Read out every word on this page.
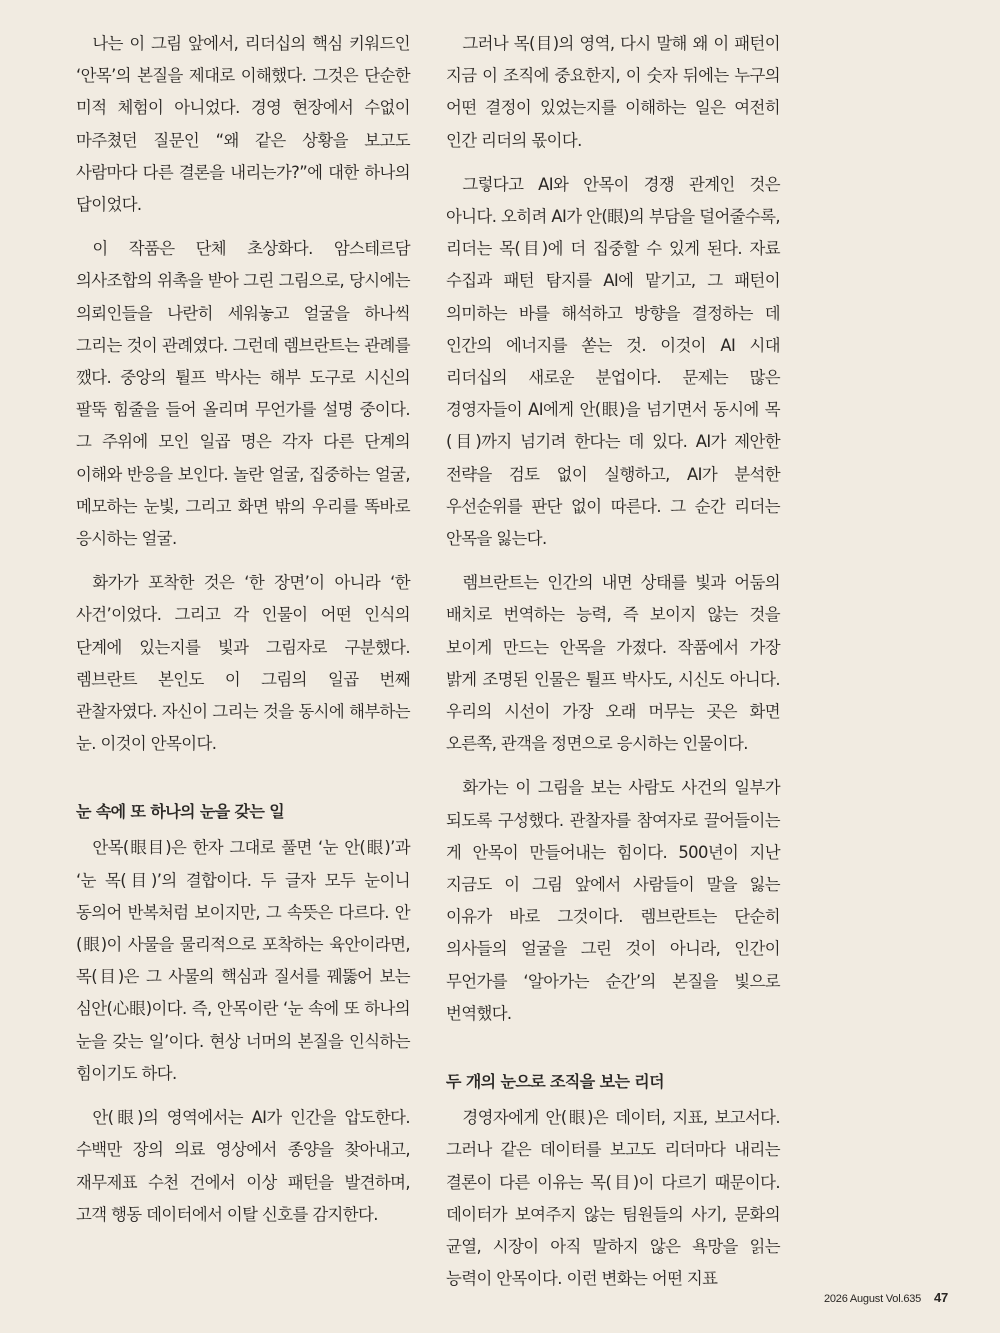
나는 이 그림 앞에서, 리더십의 핵심 키워드인 ‘안목’의 본질을 제대로 이해했다. 그것은 단순한 미적 체험이 아니었다. 경영 현장에서 수없이 마주쳤던 질문인 “왜 같은 상황을 보고도 사람마다 다른 결론을 내리는가?”에 대한 하나의 답이었다.

이 작품은 단체 초상화다. 암스테르담 의사조합의 위촉을 받아 그린 그림으로, 당시에는 의뢰인들을 나란히 세워놓고 얼굴을 하나씩 그리는 것이 관례였다. 그런데 렘브란트는 관례를 깼다. 중앙의 튈프 박사는 해부 도구로 시신의 팔뚝 힘줄을 들어 올리며 무언가를 설명 중이다. 그 주위에 모인 일곱 명은 각자 다른 단계의 이해와 반응을 보인다. 놀란 얼굴, 집중하는 얼굴, 메모하는 눈빛, 그리고 화면 밖의 우리를 똑바로 응시하는 얼굴.

화가가 포착한 것은 ‘한 장면’이 아니라 ‘한 사건’이었다. 그리고 각 인물이 어떤 인식의 단계에 있는지를 빛과 그림자로 구분했다. 렘브란트 본인도 이 그림의 일곱 번째 관찰자였다. 자신이 그리는 것을 동시에 해부하는 눈. 이것이 안목이다.

눈 속에 또 하나의 눈을 갖는 일

안목(眼目)은 한자 그대로 풀면 ‘눈 안(眼)’과 ‘눈 목(目)’의 결합이다. 두 글자 모두 눈이니 동의어 반복처럼 보이지만, 그 속뜻은 다르다. 안(眼)이 사물을 물리적으로 포착하는 육안이라면, 목(目)은 그 사물의 핵심과 질서를 꿰뚫어 보는 심안(心眼)이다. 즉, 안목이란 ‘눈 속에 또 하나의 눈을 갖는 일’이다. 현상 너머의 본질을 인식하는 힘이기도 하다.

안(眼)의 영역에서는 AI가 인간을 압도한다. 수백만 장의 의료 영상에서 종양을 찾아내고, 재무제표 수천 건에서 이상 패턴을 발견하며, 고객 행동 데이터에서 이탈 신호를 감지한다.

그러나 목(目)의 영역, 다시 말해 왜 이 패턴이 지금 이 조직에 중요한지, 이 숫자 뒤에는 누구의 어떤 결정이 있었는지를 이해하는 일은 여전히 인간 리더의 몫이다.

그렇다고 AI와 안목이 경쟁 관계인 것은 아니다. 오히려 AI가 안(眼)의 부담을 덜어줄수록, 리더는 목(目)에 더 집중할 수 있게 된다. 자료 수집과 패턴 탐지를 AI에 맡기고, 그 패턴이 의미하는 바를 해석하고 방향을 결정하는 데 인간의 에너지를 쏟는 것. 이것이 AI 시대 리더십의 새로운 분업이다. 문제는 많은 경영자들이 AI에게 안(眼)을 넘기면서 동시에 목(目)까지 넘기려 한다는 데 있다. AI가 제안한 전략을 검토 없이 실행하고, AI가 분석한 우선순위를 판단 없이 따른다. 그 순간 리더는 안목을 잃는다.

렘브란트는 인간의 내면 상태를 빛과 어둠의 배치로 번역하는 능력, 즉 보이지 않는 것을 보이게 만드는 안목을 가졌다. 작품에서 가장 밝게 조명된 인물은 튈프 박사도, 시신도 아니다. 우리의 시선이 가장 오래 머무는 곳은 화면 오른쪽, 관객을 정면으로 응시하는 인물이다.

화가는 이 그림을 보는 사람도 사건의 일부가 되도록 구성했다. 관찰자를 참여자로 끌어들이는 게 안목이 만들어내는 힘이다. 500년이 지난 지금도 이 그림 앞에서 사람들이 말을 잃는 이유가 바로 그것이다. 렘브란트는 단순히 의사들의 얼굴을 그린 것이 아니라, 인간이 무언가를 ‘알아가는 순간’의 본질을 빛으로 번역했다.

두 개의 눈으로 조직을 보는 리더

경영자에게 안(眼)은 데이터, 지표, 보고서다. 그러나 같은 데이터를 보고도 리더마다 내리는 결론이 다른 이유는 목(目)이 다르기 때문이다. 데이터가 보여주지 않는 팀원들의 사기, 문화의 균열, 시장이 아직 말하지 않은 욕망을 읽는 능력이 안목이다. 이런 변화는 어떤 지표

2026 August Vol.635 47
